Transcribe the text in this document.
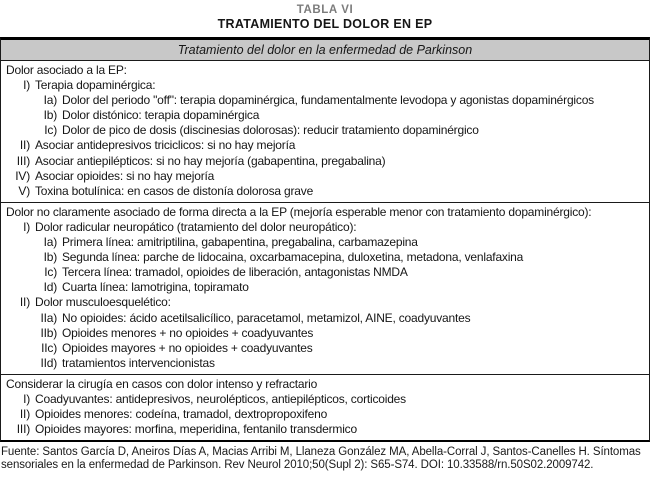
TABLA VI
TRATAMIENTO DEL DOLOR EN EP
Tratamiento del dolor en la enfermedad de Parkinson
Dolor asociado a la EP:
I) Terapia dopaminérgica:
Ia) Dolor del periodo "off": terapia dopaminérgica, fundamentalmente levodopa y agonistas dopaminérgicos
Ib) Dolor distónico: terapia dopaminérgica
Ic) Dolor de pico de dosis (discinesias dolorosas): reducir tratamiento dopaminérgico
II) Asociar antidepresivos triciclicos: si no hay mejoría
III) Asociar antiepilépticos: si no hay mejoría (gabapentina, pregabalina)
IV) Asociar opioides: si no hay mejoría
V) Toxina botulínica: en casos de distonía dolorosa grave
Dolor no claramente asociado de forma directa a la EP (mejoría esperable menor con tratamiento dopaminérgico):
I) Dolor radicular neuropático (tratamiento del dolor neuropático):
Ia) Primera línea: amitriptilina, gabapentina, pregabalina, carbamazepina
Ib) Segunda línea: parche de lidocaina, oxcarbamacepina, duloxetina, metadona, venlafaxina
Ic) Tercera línea: tramadol, opioides de liberación, antagonistas NMDA
Id) Cuarta línea: lamotrigina, topiramato
II) Dolor musculoesquelético:
IIa) No opioides: ácido acetilsalicílico, paracetamol, metamizol, AINE, coadyuvantes
IIb) Opioides menores + no opioides + coadyuvantes
IIc) Opioides mayores + no opioides + coadyuvantes
IId) tratamientos intervencionistas
Considerar la cirugía en casos con dolor intenso y refractario
I) Coadyuvantes: antidepresivos, neurolépticos, antiepilépticos, corticoides
II) Opioides menores: codeína, tramadol, dextropropoxifeno
III) Opioides mayores: morfina, meperidina, fentanilo transdermico
Fuente: Santos García D, Aneiros Días A, Macias Arribi M, Llaneza González MA, Abella-Corral J, Santos-Canelles H. Síntomas sensoriales en la enfermedad de Parkinson. Rev Neurol 2010;50(Supl 2): S65-S74. DOI: 10.33588/rn.50S02.2009742.
